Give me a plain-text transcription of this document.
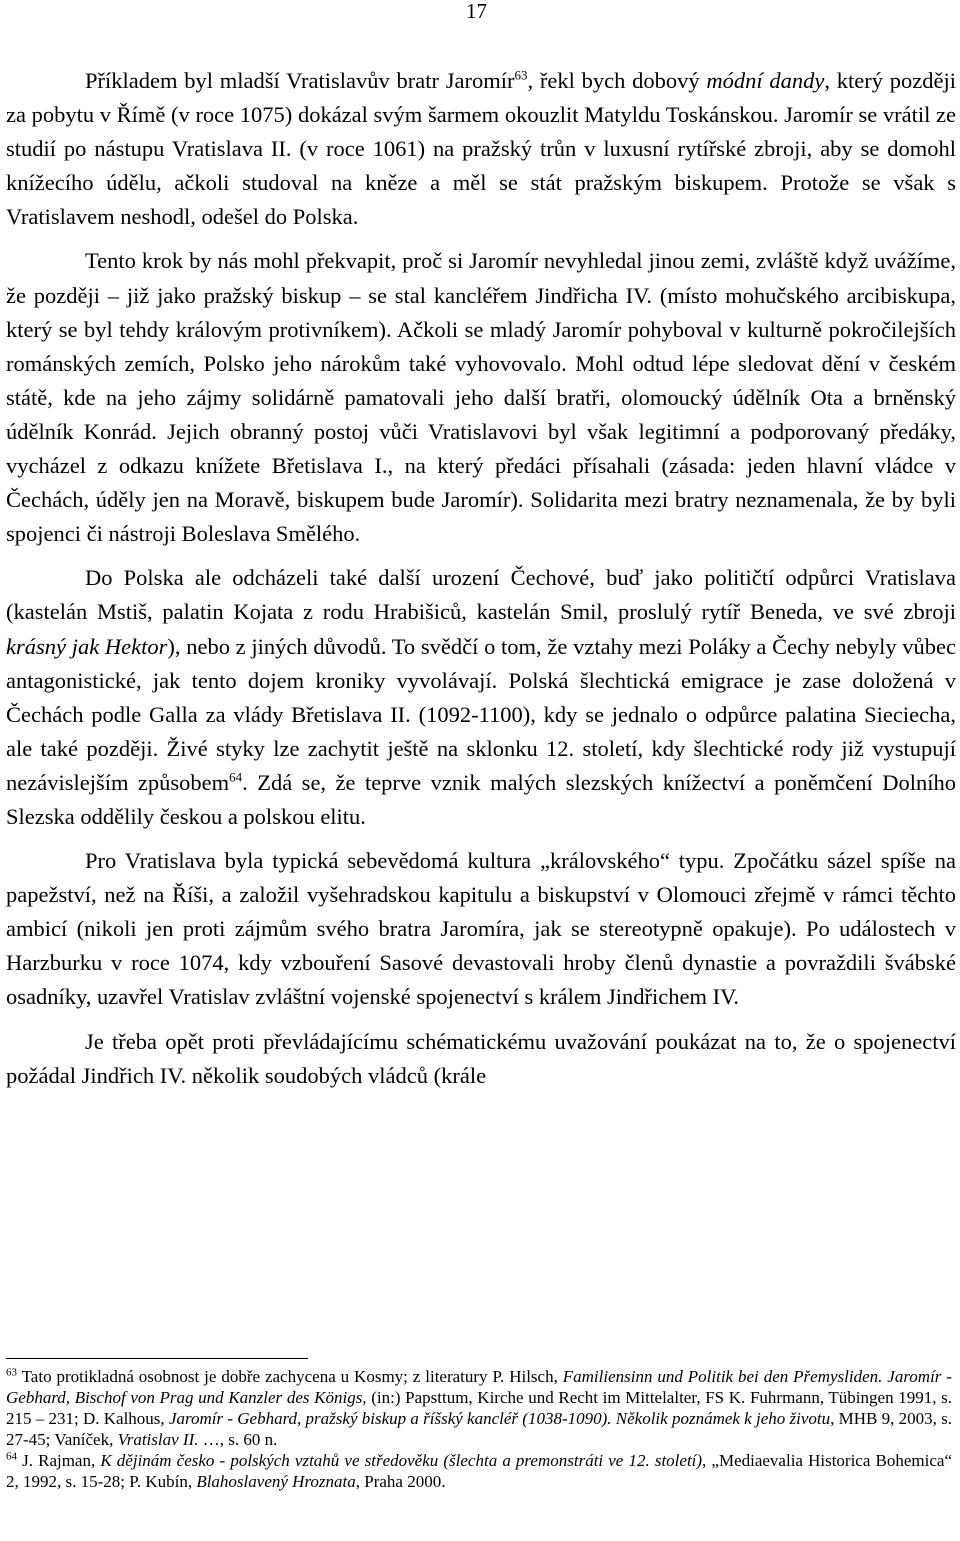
17

Příkladem byl mladší Vratislavův bratr Jaromír$^{63}$, řekl bych dobový módní dandy, který později za pobytu v Římě (v roce 1075) dokázal svým šarmem okouzlit Matyldu Toskánskou. Jaromír se vrátil ze studií po nástupu Vratislava II. (v roce 1061) na pražský trůn v luxusní rytířské zbroji, aby se domohl knížecího údělu, ačkoli studoval na kněze a měl se stát pražským biskupem. Protože se však s Vratislavem neshodl, odešel do Polska.

Tento krok by nás mohl překvapit, proč si Jaromír nevyhledal jinou zemi, zvláště když uvážíme, že později – již jako pražský biskup – se stal kancléřem Jindřicha IV. (místo mohučského arcibiskupa, který se byl tehdy královým protivníkem). Ačkoli se mladý Jaromír pohyboval v kulturně pokročilejších románských zemích, Polsko jeho nárokům také vyhovovalo. Mohl odtud lépe sledovat dění v českém státě, kde na jeho zájmy solidárně pamatovali jeho další bratři, olomoucký údělník Ota a brněnský údělník Konrád. Jejich obranný postoj vůči Vratislavovi byl však legitimní a podporovaný předáky, vycházel z odkazu knížete Břetislava I., na který předáci přísahali (zásada: jeden hlavní vládce v Čechách, úděly jen na Moravě, biskupem bude Jaromír). Solidarita mezi bratry neznamenala, že by byli spojenci či nástroji Boleslava Smělého.

Do Polska ale odcházeli také další urození Čechové, buď jako političtí odpůrci Vratislava (kastelán Mstiš, palatin Kojata z rodu Hrabišiců, kastelán Smil, proslulý rytíř Beneda, ve své zbroji krásný jak Hektor), nebo z jiných důvodů. To svědčí o tom, že vztahy mezi Poláky a Čechy nebyly vůbec antagonistické, jak tento dojem kroniky vyvolávají. Polská šlechtická emigrace je zase doložená v Čechách podle Galla za vlády Břetislava II. (1092-1100), kdy se jednalo o odpůrce palatina Sieciecha, ale také později. Živé styky lze zachytit ještě na sklonku 12. století, kdy šlechtické rody již vystupují nezávislejším způsobem$^{64}$. Zdá se, že teprve vznik malých slezských knížectví a poněmčení Dolního Slezska oddělily českou a polskou elitu.

Pro Vratislava byla typická sebevědomá kultura „královského“ typu. Zpočátku sázel spíše na papežství, než na Říši, a založil vyšehradskou kapitulu a biskupství v Olomouci zřejmě v rámci těchto ambicí (nikoli jen proti zájmům svého bratra Jaromíra, jak se stereotypně opakuje). Po událostech v Harzburku v roce 1074, kdy vzbouření Sasové devastovali hroby členů dynastie a povraždili švábské osadníky, uzavřel Vratislav zvláštní vojenské spojenectví s králem Jindřichem IV.

Je třeba opět proti převládajícímu schématickému uvažování poukázat na to, že o spojenectví požádal Jindřich IV. několik soudobých vládců (krále

$^{63}$ Tato protikladná osobnost je dobře zachycena u Kosmy; z literatury P. Hilsch, Familiensinn und Politik bei den Přemysliden. Jaromír - Gebhard, Bischof von Prag und Kanzler des Königs, (in:) Papsttum, Kirche und Recht im Mittelalter, FS K. Fuhrmann, Tübingen 1991, s. 215 – 231; D. Kalhous, Jaromír - Gebhard, pražský biskup a říšský kancléř (1038-1090). Několik poznámek k jeho životu, MHB 9, 2003, s. 27-45; Vaníček, Vratislav II. …, s. 60 n.

$^{64}$ J. Rajman, K dějinám česko - polských vztahů ve středověku (šlechta a premonstráti ve 12. století), „Mediaevalia Historica Bohemica“ 2, 1992, s. 15-28; P. Kubín, Blahoslavený Hroznata, Praha 2000.
